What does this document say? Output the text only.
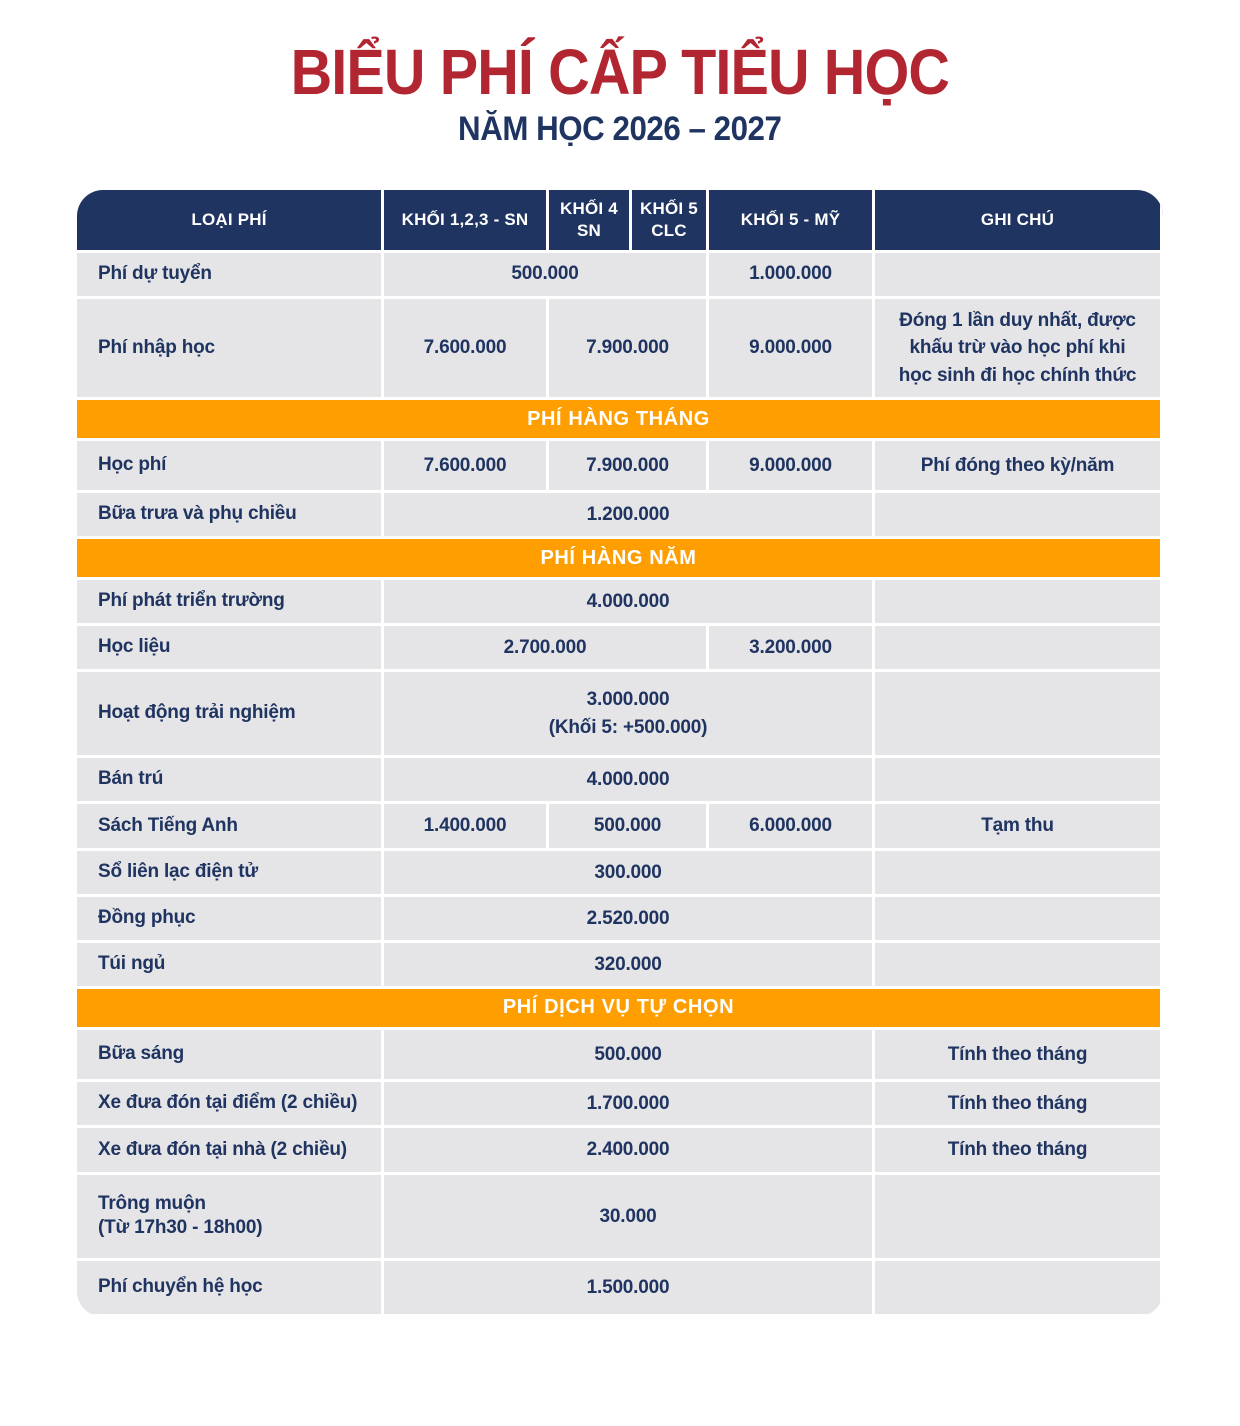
BIỂU PHÍ CẤP TIỂU HỌC
NĂM HỌC 2026 – 2027
LOẠI PHÍ	KHỐI 1,2,3 - SN	KHỐI 4 SN	KHỐI 5 CLC	KHỐI 5 - MỸ	GHI CHÚ
Phí dự tuyển	500.000			1.000.000	
Phí nhập học	7.600.000	7.900.000		9.000.000	Đóng 1 lần duy nhất, được khấu trừ vào học phí khi học sinh đi học chính thức
PHÍ HÀNG THÁNG					
Học phí	7.600.000	7.900.000		9.000.000	Phí đóng theo kỳ/năm
Bữa trưa và phụ chiều	1.200.000				
PHÍ HÀNG NĂM					
Phí phát triển trường	4.000.000				
Học liệu	2.700.000			3.200.000	
Hoạt động trải nghiệm	3.000.000
(Khối 5: +500.000)				

Bán trú	4.000.000				
Sách Tiếng Anh	1.400.000	500.000		6.000.000	Tạm thu
Sổ liên lạc điện tử	300.000				
Đồng phục	2.520.000				
Túi ngủ	320.000				
PHÍ DỊCH VỤ TỰ CHỌN					
Bữa sáng	500.000				Tính theo tháng
Xe đưa đón tại điểm (2 chiều)	1.700.000				Tính theo tháng
Xe đưa đón tại nhà (2 chiều)	2.400.000				Tính theo tháng

Trông muộn
(Từ 17h30 - 18h00)	30.000				
Phí chuyển hệ học	1.500.000				
